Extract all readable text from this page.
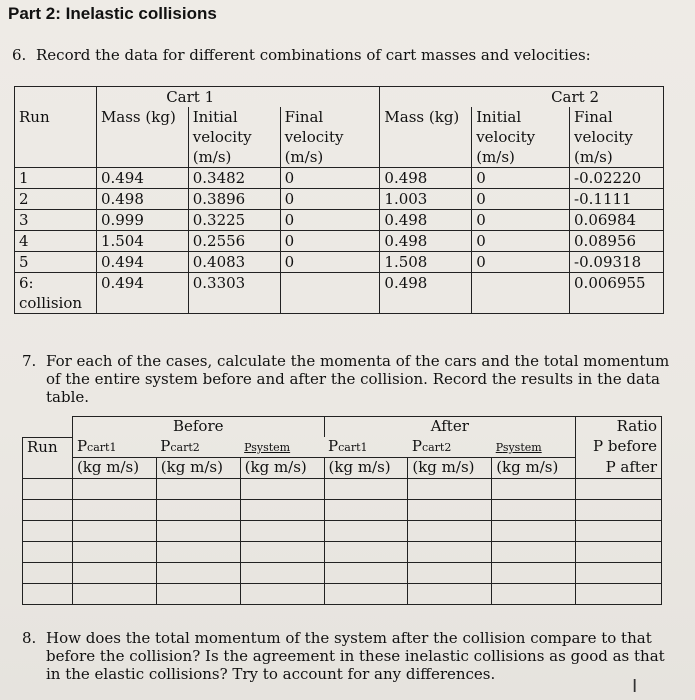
Part 2: Inelastic collisions
6. Record the data for different combinations of cart masses and velocities:
	Cart 1			Cart 2		
Run	Mass (kg)	Initial	Final	Mass (kg)	Initial	Final
		velocity	velocity		velocity	velocity
		(m/s)	(m/s)		(m/s)	(m/s)
1	0.494	0.3482	0	0.498	0	-0.02220
2	0.498	0.3896	0	1.003	0	-0.1111
3	0.999	0.3225	0	0.498	0	0.06984
4	1.504	0.2556	0	0.498	0	0.08956
5	0.494	0.4083	0	1.508	0	-0.09318
6:
collision	0.494	0.3303		0.498		0.006955
7. For each of the cases, calculate the momenta of the cars and the total momentum
of the entire system before and after the collision. Record the results in the data
table.
	Before			After			Ratio
Run	Pcart1	Pcart2	Psystem	Pcart1	Pcart2	Psystem	P before
	(kg m/s)	(kg m/s)	(kg m/s)	(kg m/s)	(kg m/s)	(kg m/s)	P after

8. How does the total momentum of the system after the collision compare to that
before the collision? Is the agreement in these inelastic collisions as good as that
in the elastic collisions? Try to account for any differences.
I
